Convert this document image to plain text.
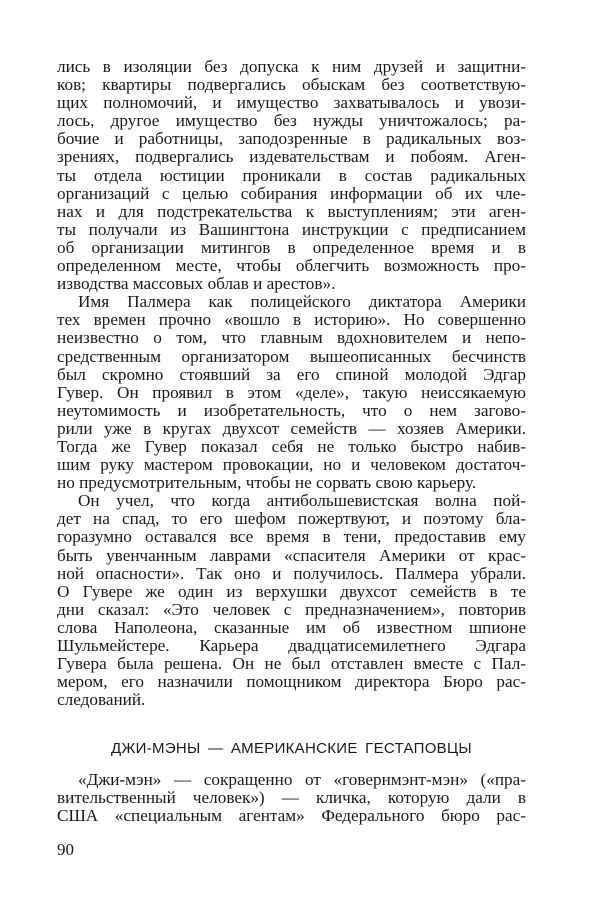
лись в изоляции без допуска к ним друзей и защитни-
ков; квартиры подвергались обыскам без соответствую-
щих полномочий, и имущество захватывалось и увози-
лось, другое имущество без нужды уничтожалось; ра-
бочие и работницы, заподозренные в радикальных воз-
зрениях, подвергались издевательствам и побоям. Аген-
ты отдела юстиции проникали в состав радикальных
организаций с целью собирания информации об их чле-
нах и для подстрекательства к выступлениям; эти аген-
ты получали из Вашингтона инструкции с предписанием
об организации митингов в определенное время и в
определенном месте, чтобы облегчить возможность про-
изводства массовых облав и арестов».
Имя Палмера как полицейского диктатора Америки
тех времен прочно «вошло в историю». Но совершенно
неизвестно о том, что главным вдохновителем и непо-
средственным организатором вышеописанных бесчинств
был скромно стоявший за его спиной молодой Эдгар
Гувер. Он проявил в этом «деле», такую неиссякаемую
неутомимость и изобретательность, что о нем загово-
рили уже в кругах двухсот семейств — хозяев Америки.
Тогда же Гувер показал себя не только быстро набив-
шим руку мастером провокации, но и человеком достаточ-
но предусмотрительным, чтобы не сорвать свою карьеру.
Он учел, что когда антибольшевистская волна пой-
дет на спад, то его шефом пожертвуют, и поэтому бла-
горазумно оставался все время в тени, предоставив ему
быть увенчанным лаврами «спасителя Америки от крас-
ной опасности». Так оно и получилось. Палмера убрали.
О Гувере же один из верхушки двухсот семейств в те
дни сказал: «Это человек с предназначением», повторив
слова Наполеона, сказанные им об известном шпионе
Шульмейстере. Карьера двадцатисемилетнего Эдгара
Гувера была решена. Он не был отставлен вместе с Пал-
мером, его назначили помощником директора Бюро рас-
следований.
ДЖИ-МЭНЫ — АМЕРИКАНСКИЕ ГЕСТАПОВЦЫ
«Джи-мэн» — сокращенно от «говернмэнт-мэн» («пра-
вительственный человек») — кличка, которую дали в
США «специальным агентам» Федерального бюро рас-
90
